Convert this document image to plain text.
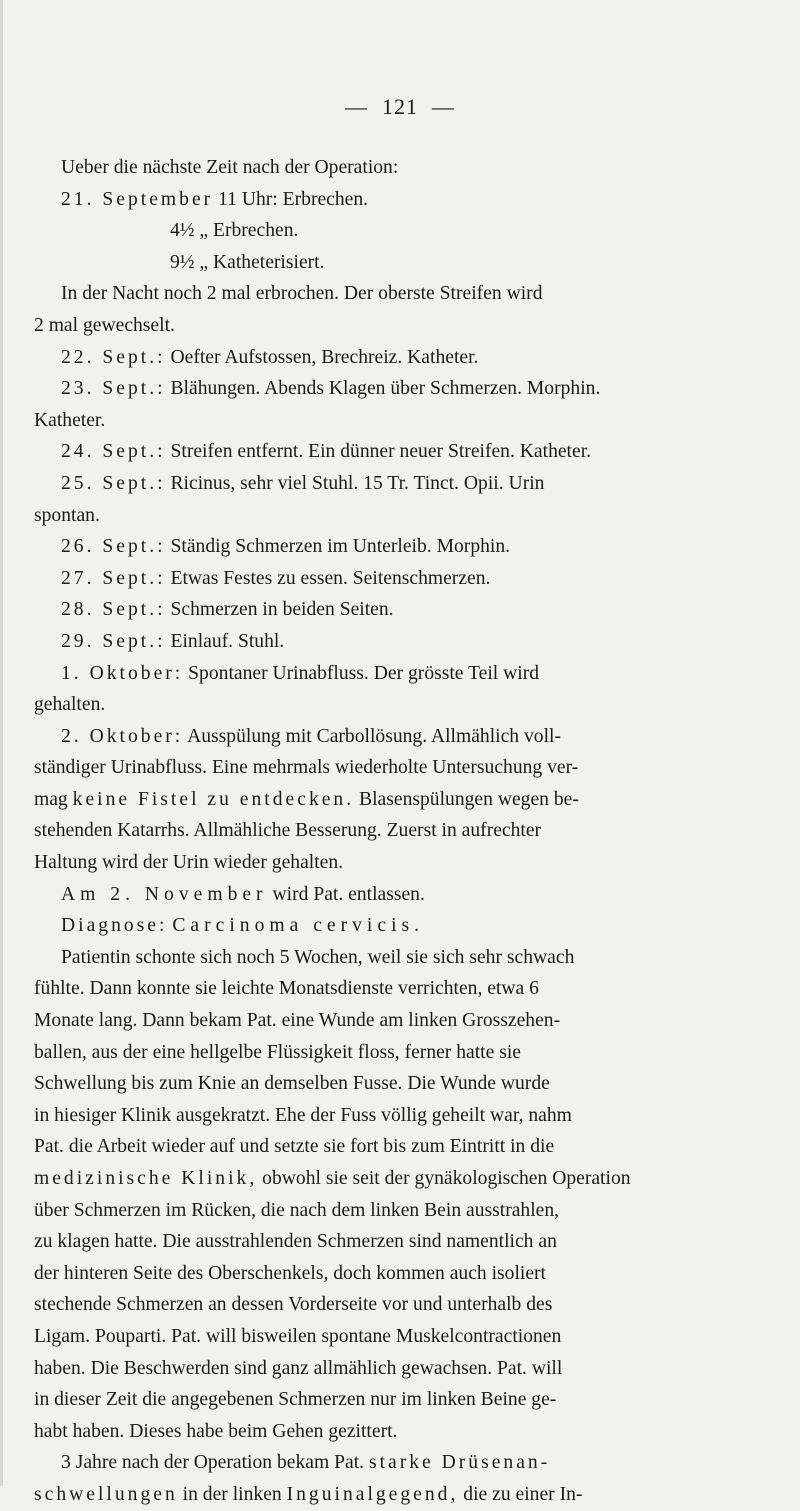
— 121 —
Ueber die nächste Zeit nach der Operation:
21. September 11 Uhr: Erbrechen.
4½ „ Erbrechen.
9½ „ Katheterisiert.
In der Nacht noch 2 mal erbrochen. Der oberste Streifen wird
2 mal gewechselt.
22. Sept.: Oefter Aufstossen, Brechreiz. Katheter.
23. Sept.: Blähungen. Abends Klagen über Schmerzen. Morphin.
Katheter.
24. Sept.: Streifen entfernt. Ein dünner neuer Streifen. Katheter.
25. Sept.: Ricinus, sehr viel Stuhl. 15 Tr. Tinct. Opii. Urin
spontan.
26. Sept.: Ständig Schmerzen im Unterleib. Morphin.
27. Sept.: Etwas Festes zu essen. Seitenschmerzen.
28. Sept.: Schmerzen in beiden Seiten.
29. Sept.: Einlauf. Stuhl.
1. Oktober: Spontaner Urinabfluss. Der grösste Teil wird
gehalten.
2. Oktober: Ausspülung mit Carbollösung. Allmählich voll-
ständiger Urinabfluss. Eine mehrmals wiederholte Untersuchung ver-
mag keine Fistel zu entdecken. Blasenspülungen wegen be-
stehenden Katarrhs. Allmähliche Besserung. Zuerst in aufrechter
Haltung wird der Urin wieder gehalten.
Am 2. November wird Pat. entlassen.
Diagnose: Carcinoma cervicis.
Patientin schonte sich noch 5 Wochen, weil sie sich sehr schwach
fühlte. Dann konnte sie leichte Monatsdienste verrichten, etwa 6
Monate lang. Dann bekam Pat. eine Wunde am linken Grosszehen-
ballen, aus der eine hellgelbe Flüssigkeit floss, ferner hatte sie
Schwellung bis zum Knie an demselben Fusse. Die Wunde wurde
in hiesiger Klinik ausgekratzt. Ehe der Fuss völlig geheilt war, nahm
Pat. die Arbeit wieder auf und setzte sie fort bis zum Eintritt in die
medizinische Klinik, obwohl sie seit der gynäkologischen Operation
über Schmerzen im Rücken, die nach dem linken Bein ausstrahlen,
zu klagen hatte. Die ausstrahlenden Schmerzen sind namentlich an
der hinteren Seite des Oberschenkels, doch kommen auch isoliert
stechende Schmerzen an dessen Vorderseite vor und unterhalb des
Ligam. Pouparti. Pat. will bisweilen spontane Muskelcontractionen
haben. Die Beschwerden sind ganz allmählich gewachsen. Pat. will
in dieser Zeit die angegebenen Schmerzen nur im linken Beine ge-
habt haben. Dieses habe beim Gehen gezittert.
3 Jahre nach der Operation bekam Pat. starke Drüsenan-
schwellungen in der linken Inguinalgegend, die zu einer In-
